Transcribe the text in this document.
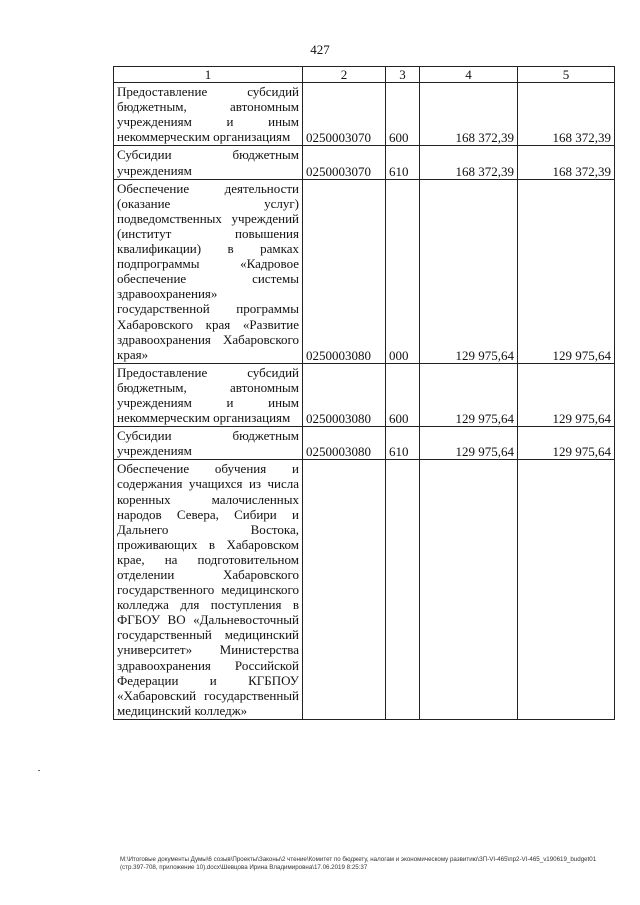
427
1	2	3	4	5
Предоставление субсидий бюджетным, автономным учреждениям и иным некоммерческим организациям	0250003070	600	168 372,39	168 372,39
Субсидии бюджетным учреждениям	0250003070	610	168 372,39	168 372,39
Обеспечение деятельности (оказание услуг) подведомственных учреждений (институт повышения квалификации) в рамках подпрограммы «Кадровое обеспечение системы здравоохранения» государственной программы Хабаровского края «Развитие здравоохранения Хабаровского края»	0250003080	000	129 975,64	129 975,64
Предоставление субсидий бюджетным, автономным учреждениям и иным некоммерческим организациям	0250003080	600	129 975,64	129 975,64
Субсидии бюджетным учреждениям	0250003080	610	129 975,64	129 975,64
Обеспечение обучения и содержания учащихся из числа коренных малочисленных народов Севера, Сибири и Дальнего Востока, проживающих в Хабаровском крае, на подготовительном отделении Хабаровского государственного медицинского колледжа для поступления в ФГБОУ ВО «Дальневосточный государственный медицинский университет» Министерства здравоохранения Российской Федерации и КГБПОУ «Хабаровский государственный медицинский колледж»				
M:\Итоговые документы Думы\6 созыв\Проекты\Законы\2 чтение\Комитет по бюджету, налогам и экономическому развитию\ЗП-VI-465\пр2-VI-465_v190619_budget01 (стр.397-708, приложение 10).docx\Шевцова Ирина Владимировна\17.06.2019 8:25:37
